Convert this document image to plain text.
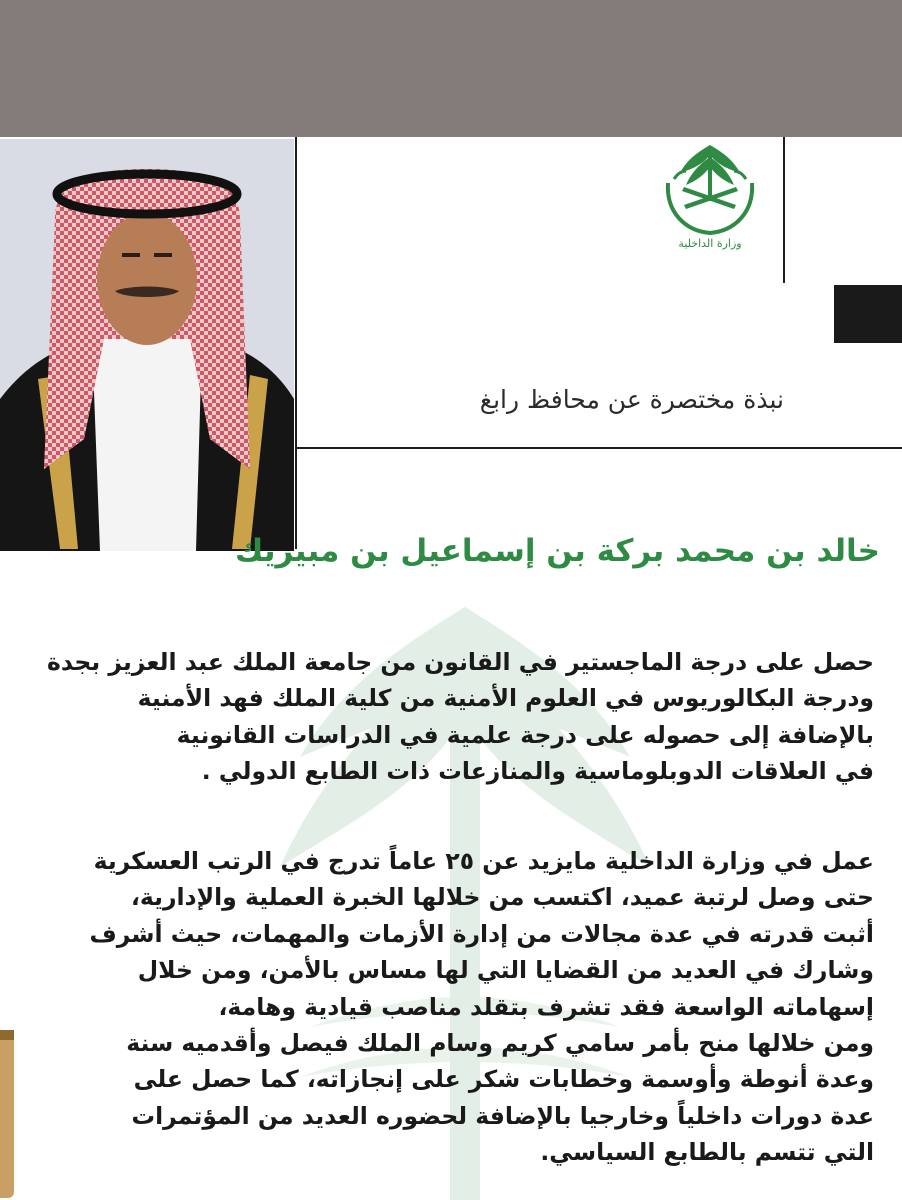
وزارة الداخلية
نبذة مختصرة عن محافظ رابغ
خالد بن محمد بركة بن إسماعيل بن مبيريك
حصل على درجة الماجستير في القانون من جامعة الملك عبد العزيز بجدة
ودرجة البكالوريوس في العلوم الأمنية من كلية الملك فهد الأمنية
بالإضافة إلى حصوله على درجة علمية في الدراسات القانونية
في العلاقات الدوبلوماسية والمنازعات ذات الطابع الدولي .
عمل في وزارة الداخلية مايزيد عن ٢٥ عاماً تدرج في الرتب العسكرية
حتى وصل لرتبة عميد، اكتسب من خلالها الخبرة العملية والإدارية،
أثبت قدرته في عدة مجالات من إدارة الأزمات والمهمات، حيث أشرف
وشارك في العديد من القضايا التي لها مساس بالأمن، ومن خلال
إسهاماته الواسعة فقد تشرف بتقلد مناصب قيادية وهامة،
ومن خلالها منح بأمر سامي كريم وسام الملك فيصل وأقدميه سنة
وعدة أنوطة وأوسمة وخطابات شكر على إنجازاته، كما حصل على
عدة دورات داخلياً وخارجيا بالإضافة لحضوره العديد من المؤتمرات
التي تتسم بالطابع السياسي.
